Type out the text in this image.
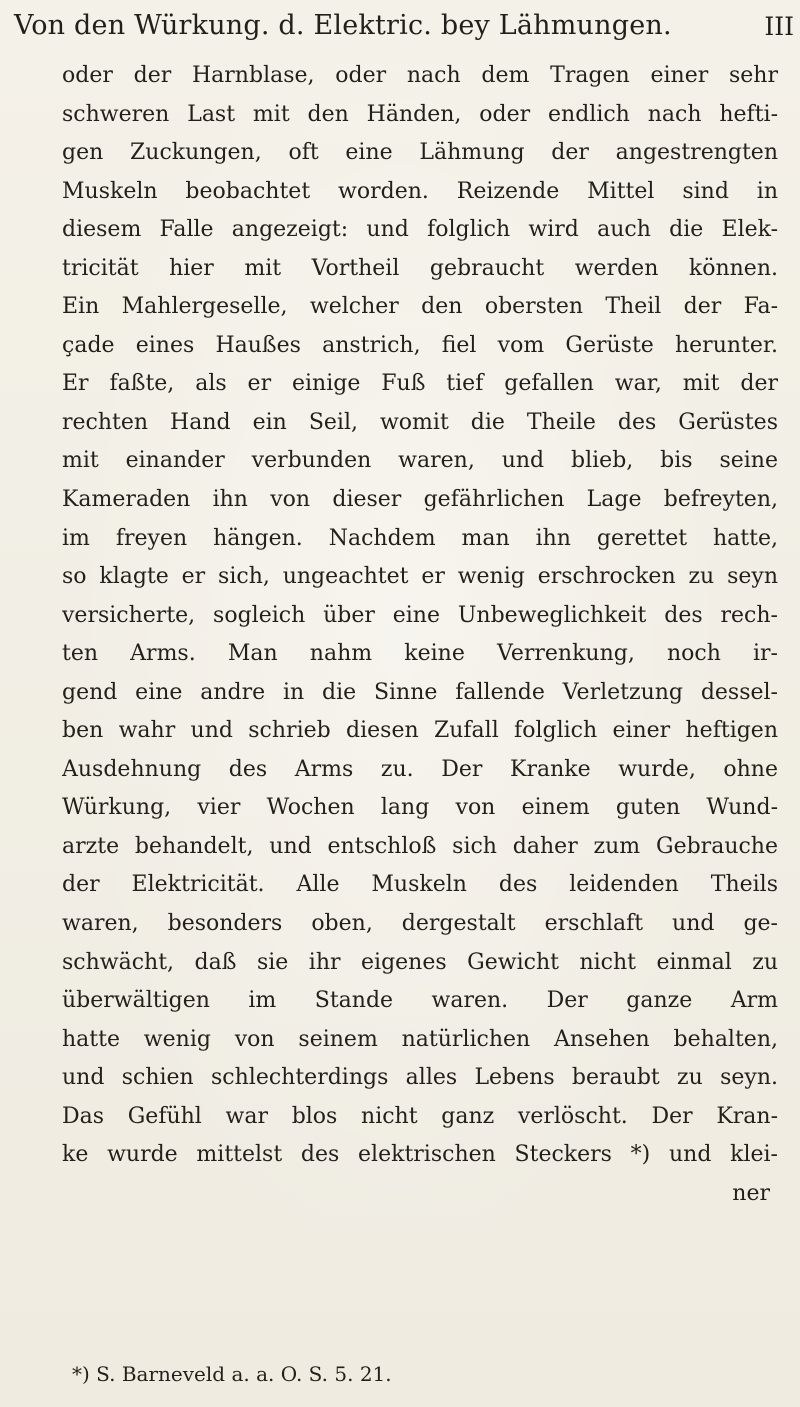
Von den Würkung. d. Elektric. bey Lähmungen.	III
oder der Harnblase, oder nach dem Tragen einer sehr
schweren Last mit den Händen, oder endlich nach hefti-
gen Zuckungen, oft eine Lähmung der angestrengten
Muskeln beobachtet worden. Reizende Mittel sind in
diesem Falle angezeigt: und folglich wird auch die Elek-
tricität hier mit Vortheil gebraucht werden können.
Ein Mahlergeselle, welcher den obersten Theil der Fa-
çade eines Haußes anstrich, fiel vom Gerüste herunter.
Er faßte, als er einige Fuß tief gefallen war, mit der
rechten Hand ein Seil, womit die Theile des Gerüstes
mit einander verbunden waren, und blieb, bis seine
Kameraden ihn von dieser gefährlichen Lage befreyten,
im freyen hängen. Nachdem man ihn gerettet hatte,
so klagte er sich, ungeachtet er wenig erschrocken zu seyn
versicherte, sogleich über eine Unbeweglichkeit des rech-
ten Arms. Man nahm keine Verrenkung, noch ir-
gend eine andre in die Sinne fallende Verletzung dessel-
ben wahr und schrieb diesen Zufall folglich einer heftigen
Ausdehnung des Arms zu. Der Kranke wurde, ohne
Würkung, vier Wochen lang von einem guten Wund-
arzte behandelt, und entschloß sich daher zum Gebrauche
der Elektricität. Alle Muskeln des leidenden Theils
waren, besonders oben, dergestalt erschlaft und ge-
schwächt, daß sie ihr eigenes Gewicht nicht einmal zu
überwältigen im Stande waren. Der ganze Arm
hatte wenig von seinem natürlichen Ansehen behalten,
und schien schlechterdings alles Lebens beraubt zu seyn.
Das Gefühl war blos nicht ganz verlöscht. Der Kran-
ke wurde mittelst des elektrischen Steckers *) und klei-
ner
*) S. Barneveld a. a. O. S. 5. 21.
